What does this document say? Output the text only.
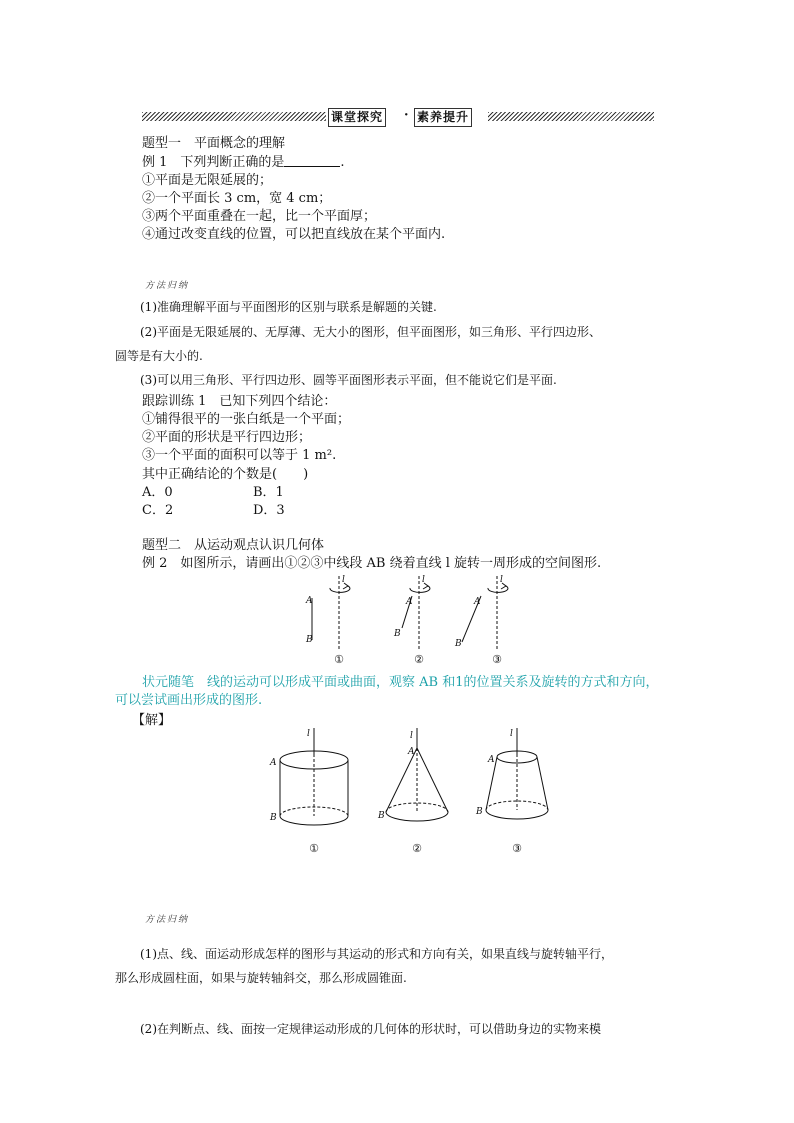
课堂探究 · 素养提升
题型一　平面概念的理解
例 1　下列判断正确的是	.
①平面是无限延展的；
②一个平面长 3 cm，宽 4 cm；
③两个平面重叠在一起，比一个平面厚；
④通过改变直线的位置，可以把直线放在某个平面内.
方法归纳
(1)准确理解平面与平面图形的区别与联系是解题的关键.
(2)平面是无限延展的、无厚薄、无大小的图形，但平面图形，如三角形、平行四边形、
圆等是有大小的.
(3)可以用三角形、平行四边形、圆等平面图形表示平面，但不能说它们是平面.
跟踪训练 1　已知下列四个结论：
①铺得很平的一张白纸是一个平面；
②平面的形状是平行四边形；
③一个平面的面积可以等于 1 m².
其中正确结论的个数是(　　)
A．0	B．1
C．2	D．3
题型二　从运动观点认识几何体
例 2　如图所示，请画出①②③中线段 AB 绕着直线 l 旋转一周形成的空间图形.
l
A
B
l
A
B
l
A
B
①	②	③
状元随笔　 线的运动可以形成平面或曲面，观察 AB 和1的位置关系及旋转的方式和方向，
可以尝试画出形成的图形.
【解】
l
A
B
l
A
B
l
A
B
①	②	③
方法归纳
(1)点、线、面运动形成怎样的图形与其运动的形式和方向有关，如果直线与旋转轴平行，
那么形成圆柱面，如果与旋转轴斜交，那么形成圆锥面.
(2)在判断点、线、面按一定规律运动形成的几何体的形状时，可以借助身边的实物来模
